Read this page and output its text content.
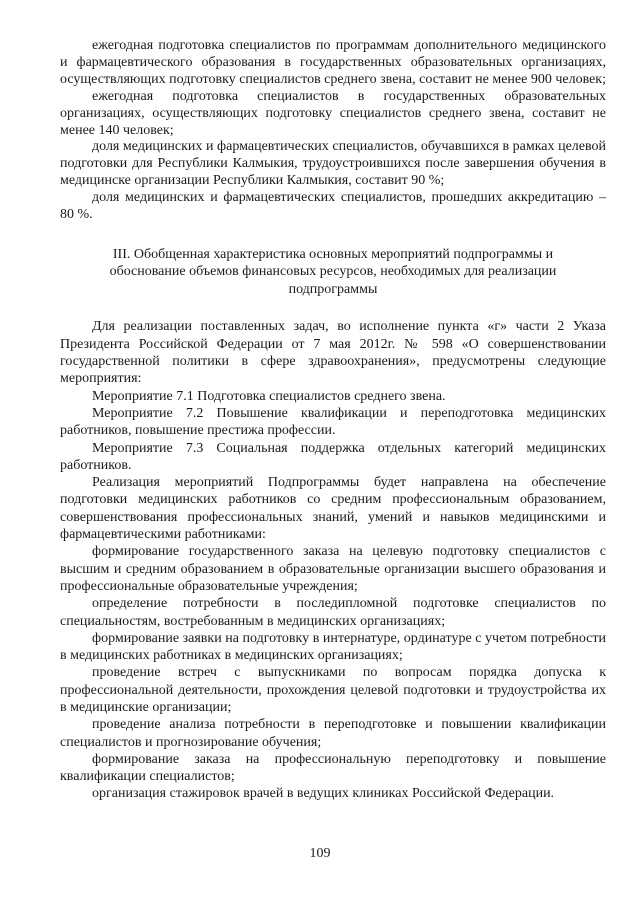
ежегодная подготовка специалистов по программам дополнительного медицинского и фармацевтического образования в государственных образовательных организациях, осуществляющих подготовку специалистов среднего звена, составит не менее 900 человек;

ежегодная подготовка специалистов в государственных образовательных организациях, осуществляющих подготовку специалистов среднего звена, составит не менее 140 человек;

доля медицинских и фармацевтических специалистов, обучавшихся в рамках целевой подготовки для Республики Калмыкия, трудоустроившихся после завершения обучения в медицинске организации Республики Калмыкия, составит 90 %;

доля медицинских и фармацевтических специалистов, прошедших аккредитацию – 80 %.

III. Обобщенная характеристика основных мероприятий подпрограммы и обоснование объемов финансовых ресурсов, необходимых для реализации подпрограммы

Для реализации поставленных задач, во исполнение пункта «г» части 2 Указа Президента Российской Федерации от 7 мая 2012г. № 598 «О совершенствовании государственной политики в сфере здравоохранения», предусмотрены следующие мероприятия:

Мероприятие 7.1 Подготовка специалистов среднего звена.

Мероприятие 7.2 Повышение квалификации и переподготовка медицинских работников, повышение престижа профессии.

Мероприятие 7.3 Социальная поддержка отдельных категорий медицинских работников.

Реализация мероприятий Подпрограммы будет направлена на обеспечение подготовки медицинских работников со средним профессиональным образованием, совершенствования профессиональных знаний, умений и навыков медицинскими и фармацевтическими работниками:

формирование государственного заказа на целевую подготовку специалистов с высшим и средним образованием в образовательные организации высшего образования и профессиональные образовательные учреждения;

определение потребности в последипломной подготовке специалистов по специальностям, востребованным в медицинских организациях;

формирование заявки на подготовку в интернатуре, ординатуре с учетом потребности в медицинских работниках в медицинских организациях;

проведение встреч с выпускниками по вопросам порядка допуска к профессиональной деятельности, прохождения целевой подготовки и трудоустройства их в медицинские организации;

проведение анализа потребности в переподготовке и повышении квалификации специалистов и прогнозирование обучения;

формирование заказа на профессиональную переподготовку и повышение квалификации специалистов;

организация стажировок врачей в ведущих клиниках Российской Федерации.

109
